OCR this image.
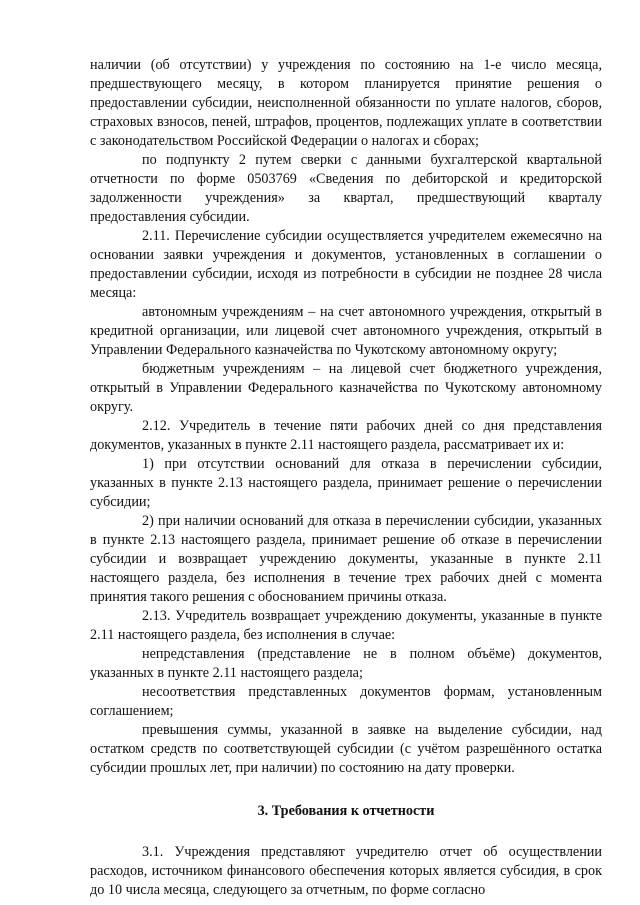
наличии (об отсутствии) у учреждения по состоянию на 1-е число месяца, предшествующего месяцу, в котором планируется принятие решения о предоставлении субсидии, неисполненной обязанности по уплате налогов, сборов, страховых взносов, пеней, штрафов, процентов, подлежащих уплате в соответствии с законодательством Российской Федерации о налогах и сборах;

по подпункту 2 путем сверки с данными бухгалтерской квартальной отчетности по форме 0503769 «Сведения по дебиторской и кредиторской задолженности учреждения» за квартал, предшествующий кварталу предоставления субсидии.

2.11. Перечисление субсидии осуществляется учредителем ежемесячно на основании заявки учреждения и документов, установленных в соглашении о предоставлении субсидии, исходя из потребности в субсидии не позднее 28 числа месяца:

автономным учреждениям – на счет автономного учреждения, открытый в кредитной организации, или лицевой счет автономного учреждения, открытый в Управлении Федерального казначейства по Чукотскому автономному округу;

бюджетным учреждениям – на лицевой счет бюджетного учреждения, открытый в Управлении Федерального казначейства по Чукотскому автономному округу.

2.12. Учредитель в течение пяти рабочих дней со дня представления документов, указанных в пункте 2.11 настоящего раздела, рассматривает их и:

1) при отсутствии оснований для отказа в перечислении субсидии, указанных в пункте 2.13 настоящего раздела, принимает решение о перечислении субсидии;

2) при наличии оснований для отказа в перечислении субсидии, указанных в пункте 2.13 настоящего раздела, принимает решение об отказе в перечислении субсидии и возвращает учреждению документы, указанные в пункте 2.11 настоящего раздела, без исполнения в течение трех рабочих дней с момента принятия такого решения с обоснованием причины отказа.

2.13. Учредитель возвращает учреждению документы, указанные в пункте 2.11 настоящего раздела, без исполнения в случае:

непредставления (представление не в полном объёме) документов, указанных в пункте 2.11 настоящего раздела;

несоответствия представленных документов формам, установленным соглашением;

превышения суммы, указанной в заявке на выделение субсидии, над остатком средств по соответствующей субсидии (с учётом разрешённого остатка субсидии прошлых лет, при наличии) по состоянию на дату проверки.

3. Требования к отчетности

3.1. Учреждения представляют учредителю отчет об осуществлении расходов, источником финансового обеспечения которых является субсидия, в срок до 10 числа месяца, следующего за отчетным, по форме согласно
